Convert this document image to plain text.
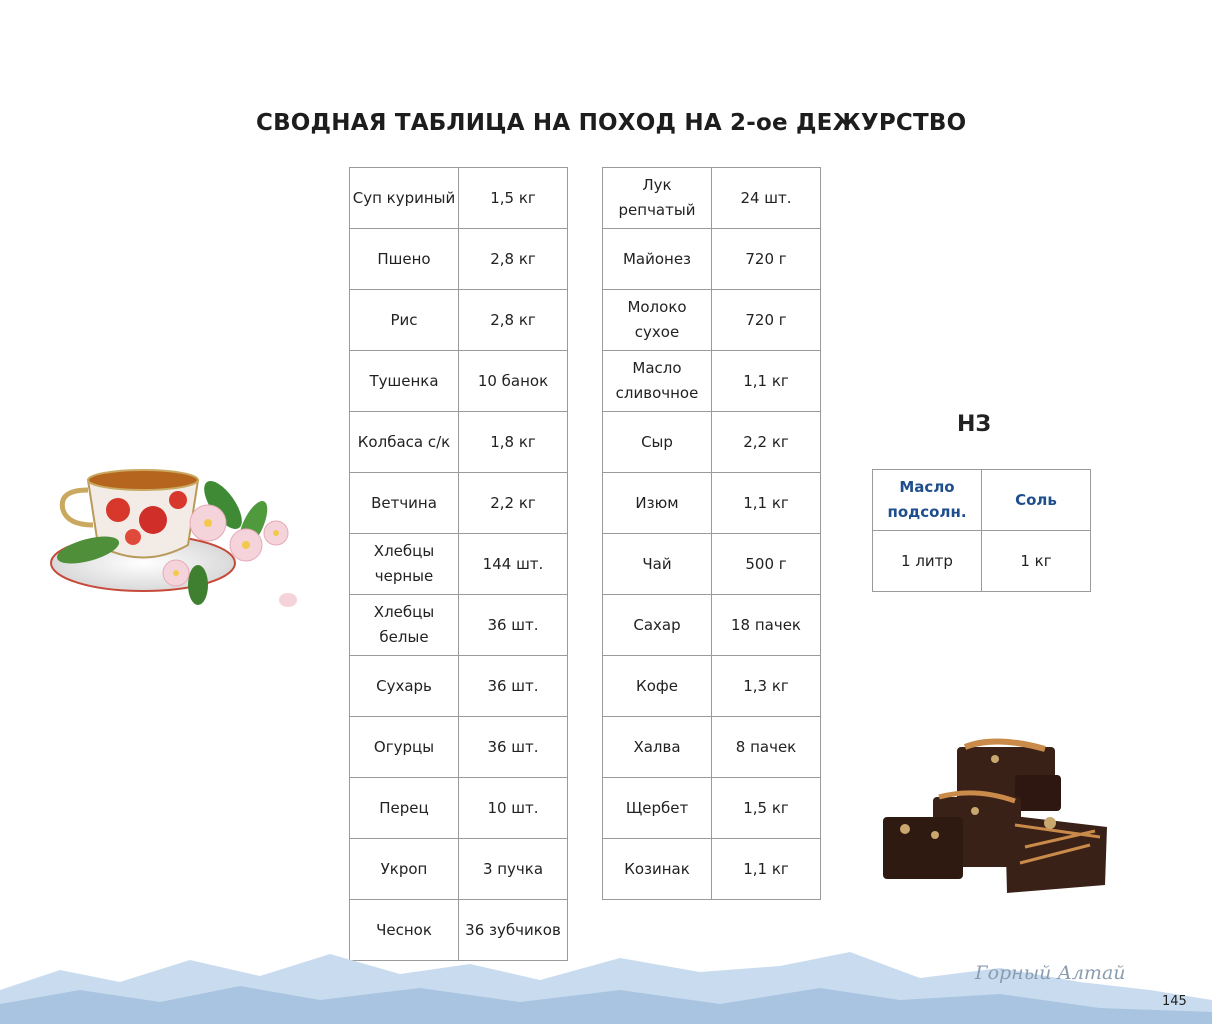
СВОДНАЯ ТАБЛИЦА НА ПОХОД НА 2-ое ДЕЖУРСТВО
Суп куриный	1,5 кг
Пшено	2,8 кг
Рис	2,8 кг
Тушенка	10 банок
Колбаса с/к	1,8 кг
Ветчина	2,2 кг
Хлебцы черные	144 шт.
Хлебцы белые	36 шт.
Сухарь	36 шт.
Огурцы	36 шт.
Перец	10 шт.
Укроп	3 пучка
Чеснок	36 зубчиков
Лук репчатый	24 шт.
Майонез	720 г
Молоко сухое	720 г
Масло сливочное	1,1 кг
Сыр	2,2 кг
Изюм	1,1 кг
Чай	500 г
Сахар	18 пачек
Кофе	1,3 кг
Халва	8 пачек
Щербет	1,5 кг
Козинак	1,1 кг
НЗ
Масло подсолн.	Соль
1 литр	1 кг
Горный Алтай
145
